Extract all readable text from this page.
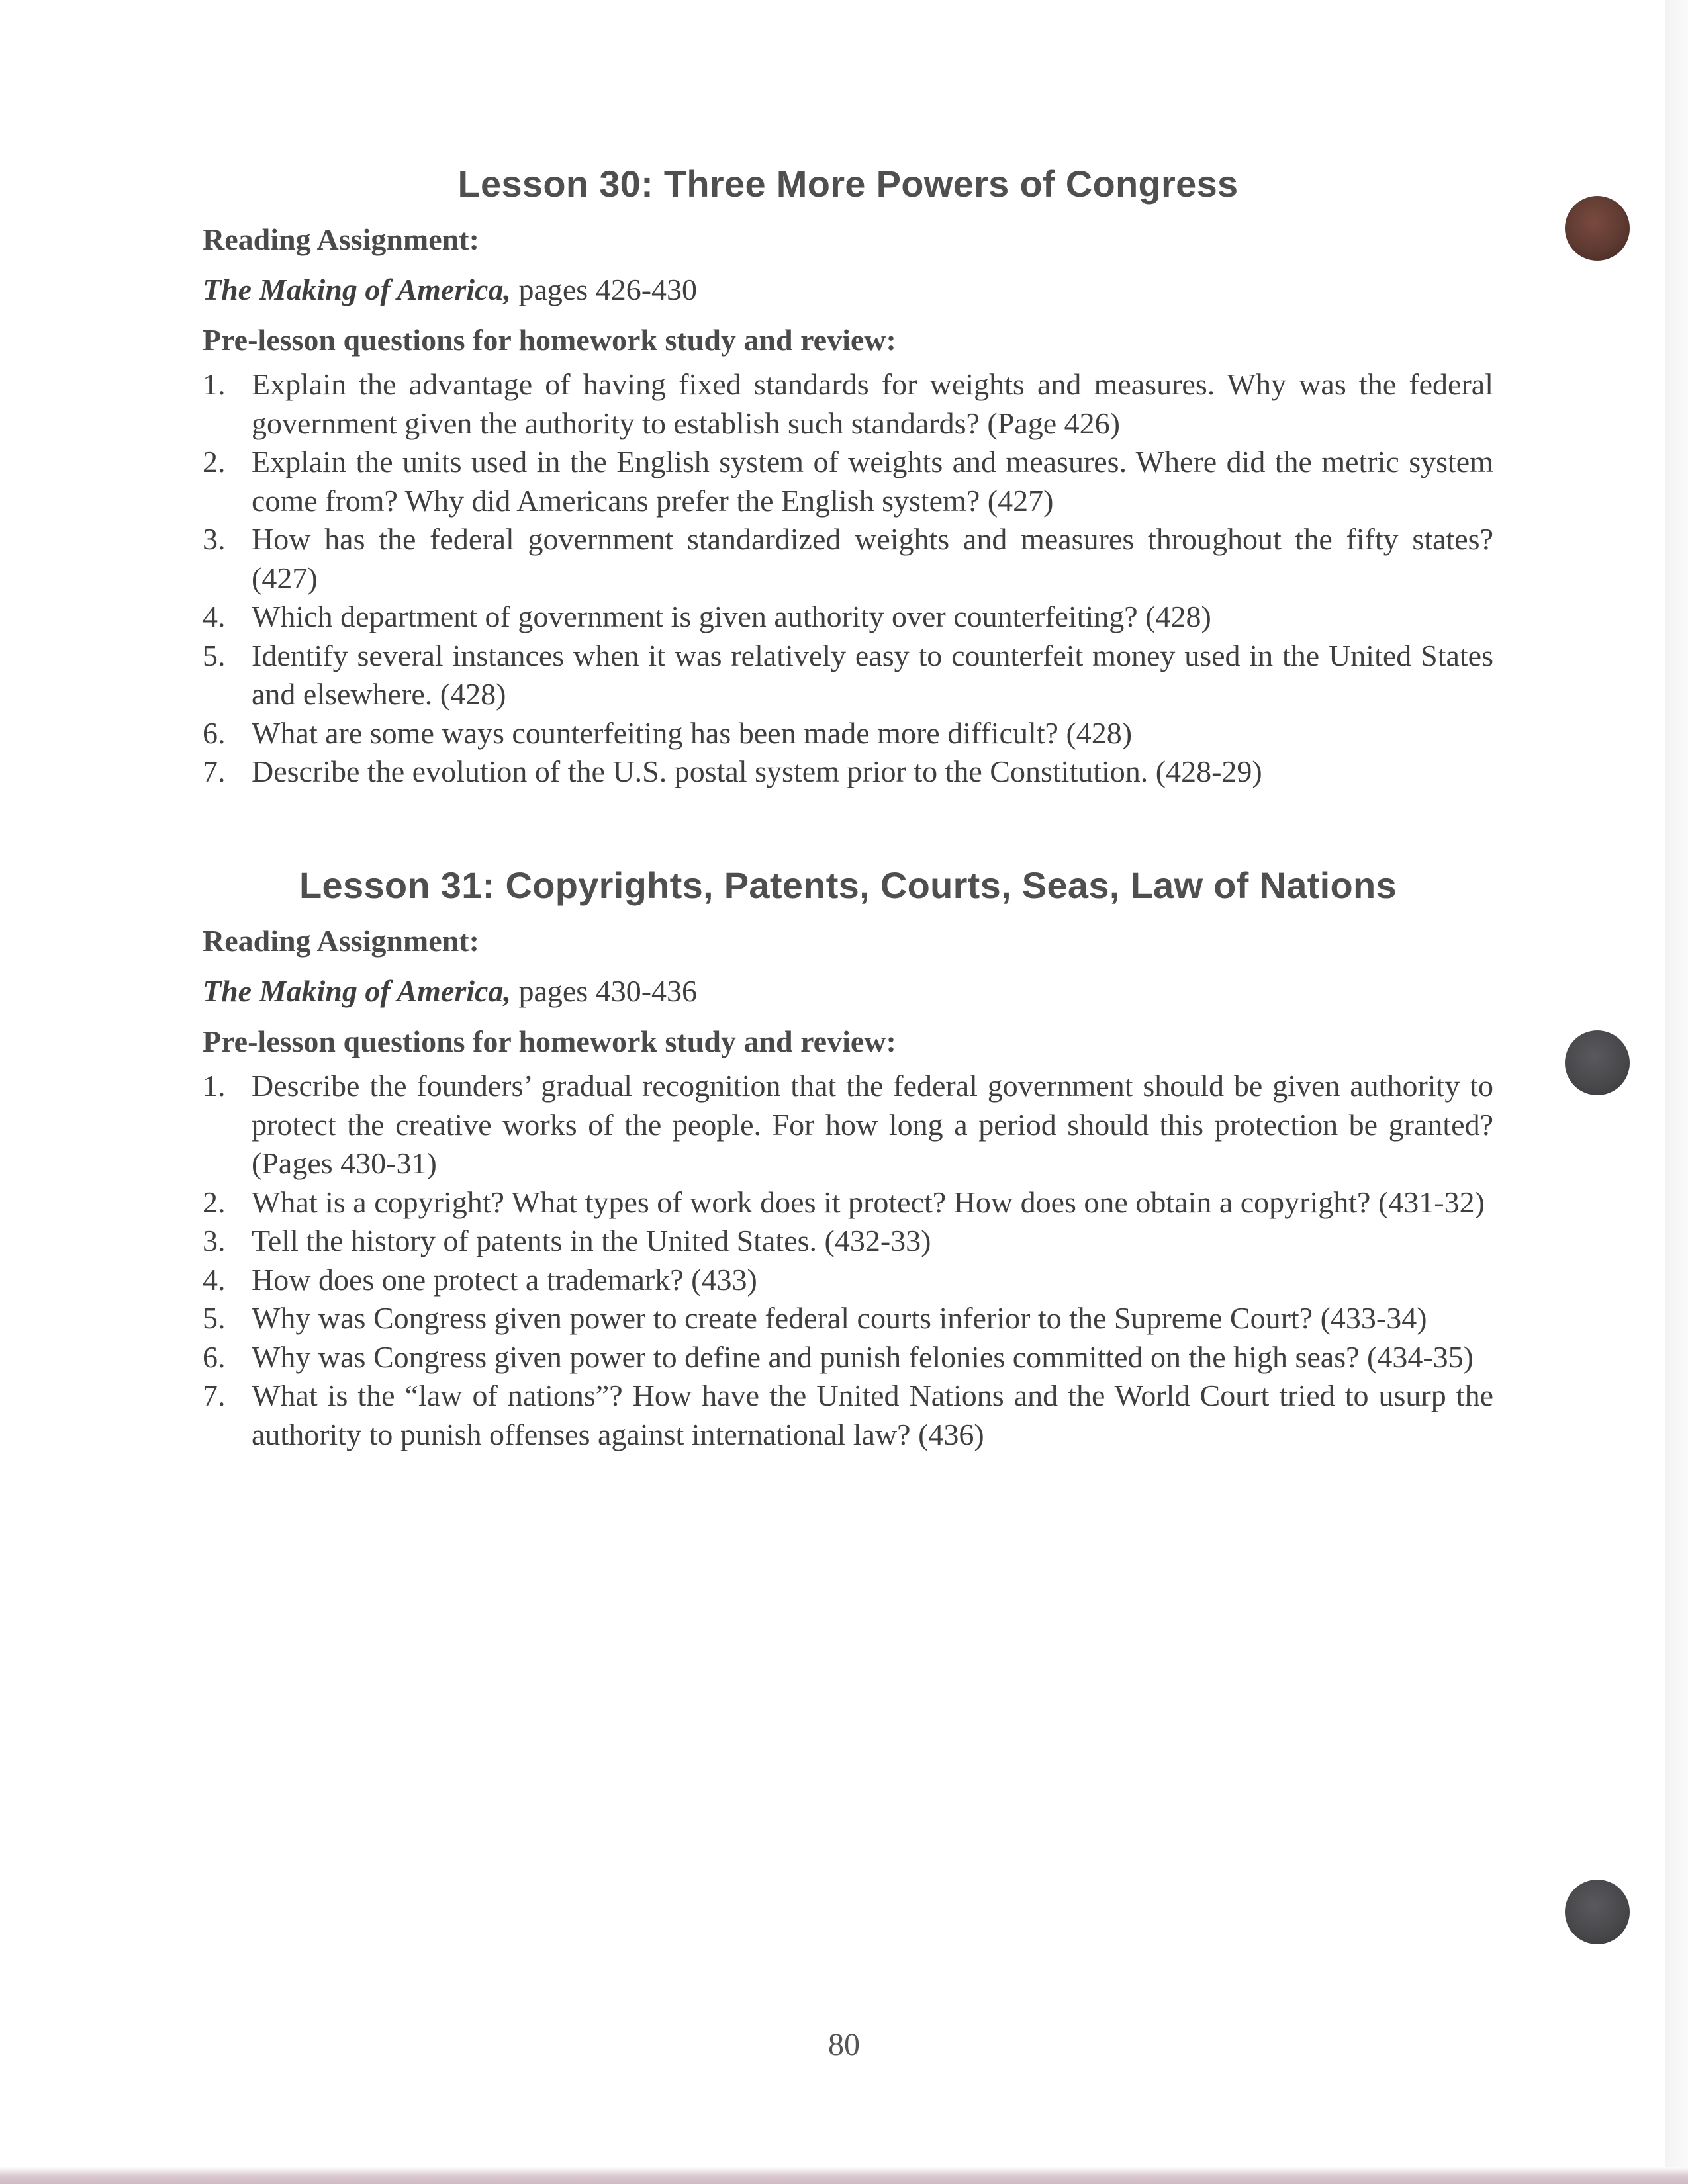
Lesson 30: Three More Powers of Congress

Reading Assignment:

The Making of America, pages 426-430

Pre-lesson questions for homework study and review:

1. Explain the advantage of having fixed standards for weights and measures. Why was the federal government given the authority to establish such standards? (Page 426)
2. Explain the units used in the English system of weights and measures. Where did the metric system come from? Why did Americans prefer the English system? (427)
3. How has the federal government standardized weights and measures throughout the fifty states? (427)
4. Which department of government is given authority over counterfeiting? (428)
5. Identify several instances when it was relatively easy to counterfeit money used in the United States and elsewhere. (428)
6. What are some ways counterfeiting has been made more difficult? (428)
7. Describe the evolution of the U.S. postal system prior to the Constitution. (428-29)
Lesson 31: Copyrights, Patents, Courts, Seas, Law of Nations

Reading Assignment:

The Making of America, pages 430-436

Pre-lesson questions for homework study and review:

1. Describe the founders’ gradual recognition that the federal government should be given authority to protect the creative works of the people. For how long a period should this protection be granted? (Pages 430-31)
2. What is a copyright? What types of work does it protect? How does one obtain a copyright? (431-32)
3. Tell the history of patents in the United States. (432-33)
4. How does one protect a trademark? (433)
5. Why was Congress given power to create federal courts inferior to the Supreme Court? (433-34)
6. Why was Congress given power to define and punish felonies committed on the high seas? (434-35)
7. What is the “law of nations”? How have the United Nations and the World Court tried to usurp the authority to punish offenses against international law? (436)
80
